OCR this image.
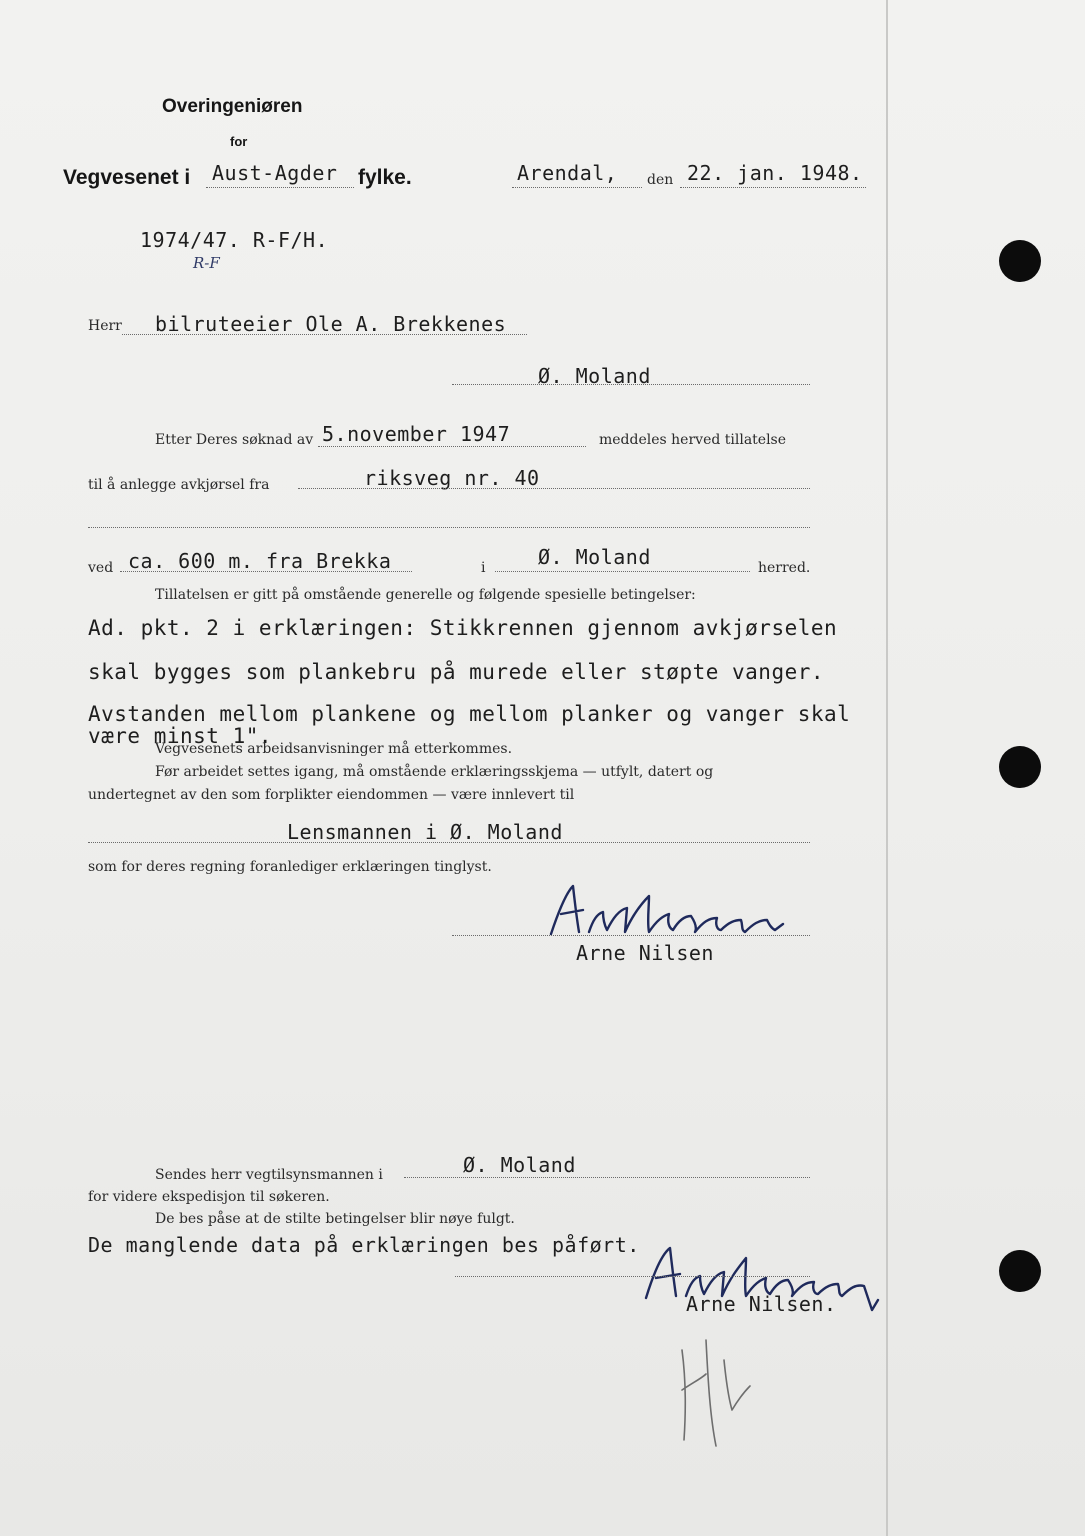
Overingeniøren
for
Vegvesenet i Aust-Agder fylke.	Arendal, den 22. jan. 1948.
1974/47. R-F/H.
R-F
Herr bilruteeier Ole A. Brekkenes
Ø. Moland
Etter Deres søknad av 5.november 1947	meddeles herved tillatelse
til å anlegge avkjørsel fra	riksveg nr. 40
ved ca. 600 m. fra Brekka	i	Ø. Moland	herred.
Tillatelsen er gitt på omstående generelle og følgende spesielle betingelser:
Ad. pkt. 2 i erklæringen: Stikkrennen gjennom avkjørselen
skal bygges som plankebru på murede eller støpte vanger.
Avstanden mellom plankene og mellom planker og vanger skal
være minst 1".
Vegvesenets arbeidsanvisninger må etterkommes.
Før arbeidet settes igang, må omstående erklæringsskjema — utfylt, datert og
undertegnet av den som forplikter eiendommen — være innlevert til
Lensmannen i Ø. Moland
som for deres regning foranlediger erklæringen tinglyst.
Arne Nilsen
Sendes herr vegtilsynsmannen i	Ø. Moland
for videre ekspedisjon til søkeren.
De bes påse at de stilte betingelser blir nøye fulgt.
De manglende data på erklæringen bes påført.
Arne Nilsen.
